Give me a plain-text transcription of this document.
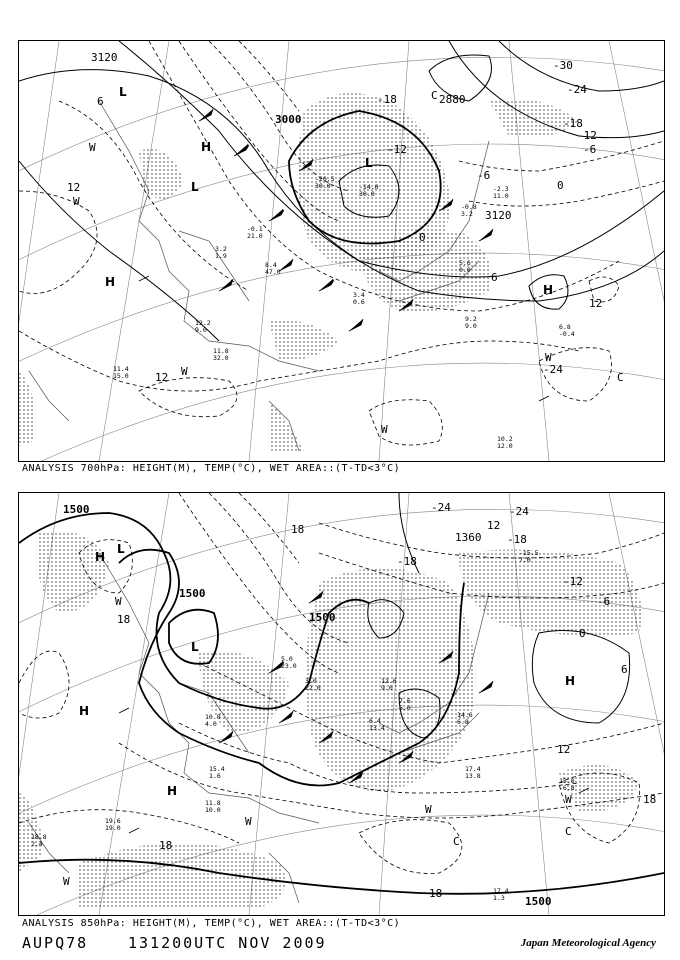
3120
3000
2880
3120
-30
-24
-18
-12
-6
0
6
12
6
12
12
-24
-18
-12
-6
0
L
H
L
H
L
H
W
W
W
W
W
C
C
9.2
9.0	6.8
-0.4
10.2
12.0
11.8
32.0
11.4
15.0
-20.5
30.0	-14.0
30.0
-0.1
21.0
3.2
1.9
8.4
47.0
-2.3
11.0
-0.8
3.2
5.6
0.0
3.4
0.6
12.2
9.0
ANALYSIS 700hPa: HEIGHT(M), TEMP(°C), WET AREA::(T-TD<3°C)
1500
1500
1500
1360
1500
-24
-18
-12
-6
0
6
12
18
18
18
18
12
18
-24
-18
H
L
L
H
H
H
W
W
W
W
W
C
C
17.4
13.8
15.0
-6.8
17.4
1.3
18.8
2.4
19.6
19.0
11.8
10.0
15.4
1.6
-15.5
7.0
7.6
6.0
3.0
22.0
6.4
13.4
14.6
6.8
12.6
9.0
5.0
23.0
10.8
4.0
ANALYSIS 850hPa: HEIGHT(M), TEMP(°C), WET AREA::(T-TD<3°C)
AUPQ78	131200UTC NOV 2009	Japan Meteorological Agency
